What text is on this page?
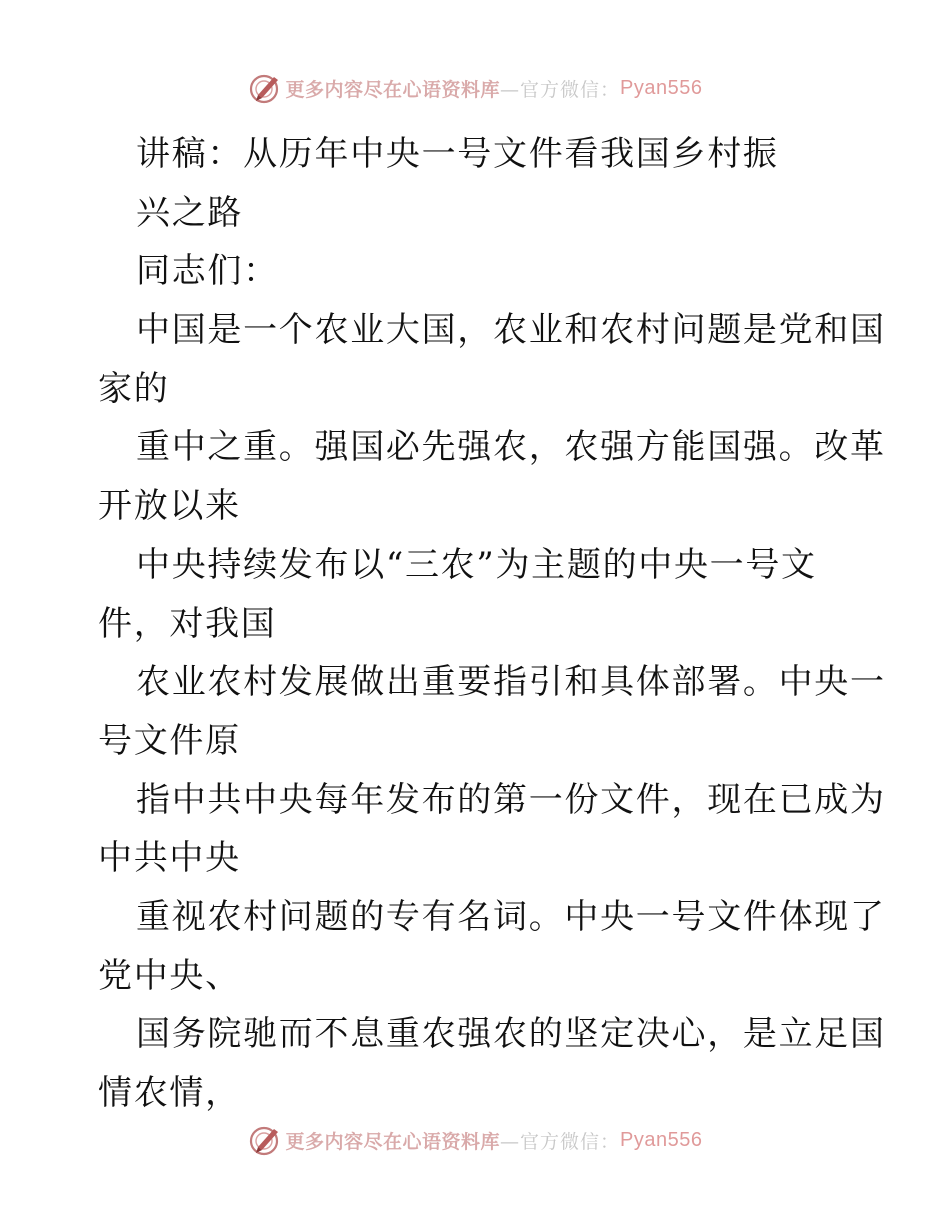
更多内容尽在心语资料库 —官方微信： Pyan556
讲稿：从历年中央一号文件看我国乡村振
兴之路
同志们：
中国是一个农业大国，农业和农村问题是党和国
家的
重中之重。强国必先强农，农强方能国强。改革
开放以来
中央持续发布以“三农”为主题的中央一号文
件，对我国
农业农村发展做出重要指引和具体部署。中央一
号文件原
指中共中央每年发布的第一份文件，现在已成为
中共中央
重视农村问题的专有名词。中央一号文件体现了
党中央、
国务院驰而不息重农强农的坚定决心，是立足国
情农情，
更多内容尽在心语资料库 —官方微信： Pyan556
